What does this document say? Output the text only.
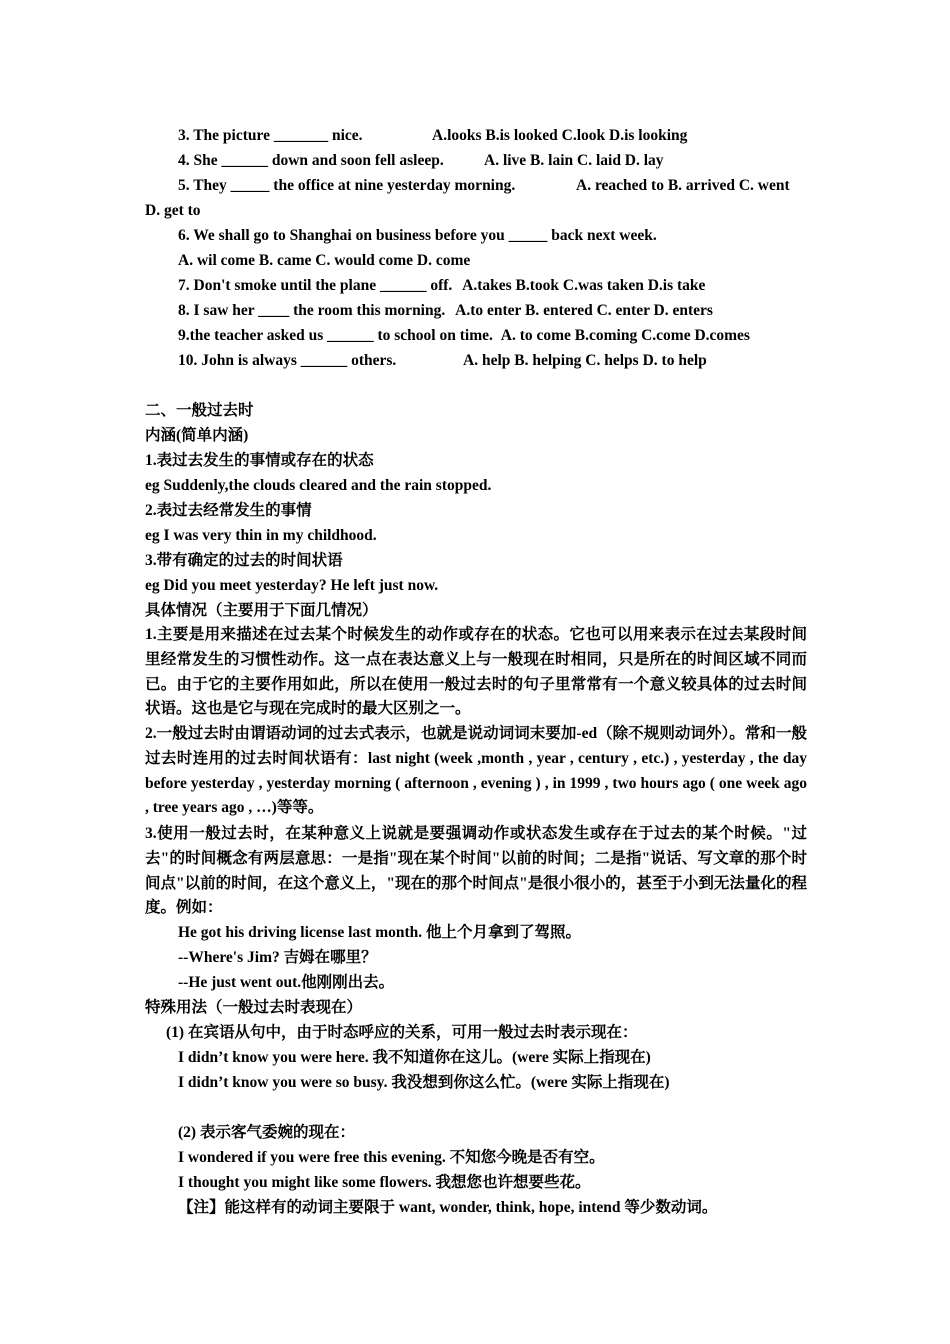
3. The picture _______ nice.	A.looks B.is looked C.look D.is looking
4. She ______ down and soon fell asleep.	A. live B. lain C. laid D. lay
5. They _____ the office at nine yesterday morning.	A. reached to B. arrived C. went
D. get to
6. We shall go to Shanghai on business before you _____ back next week.
A. wil come B. came C. would come D. come
7. Don't smoke until the plane ______ off. A.takes B.took C.was taken D.is take
8. I saw her ____ the room this morning. A.to enter B. entered C. enter D. enters
9.the teacher asked us ______ to school on time. A. to come B.coming C.come D.comes
10. John is always ______ others.	A. help B. helping C. helps D. to help
二、一般过去时
内涵(简单内涵)
1.表过去发生的事情或存在的状态
eg Suddenly,the clouds cleared and the rain stopped.
2.表过去经常发生的事情
eg I was very thin in my childhood.
3.带有确定的过去的时间状语
eg Did you meet yesterday? He left just now.
具体情况（主要用于下面几情况）
1.主要是用来描述在过去某个时候发生的动作或存在的状态。它也可以用来表示在过去某段时间里经常发生的习惯性动作。这一点在表达意义上与一般现在时相同，只是所在的时间区域不同而已。由于它的主要作用如此，所以在使用一般过去时的句子里常常有一个意义较具体的过去时间状语。这也是它与现在完成时的最大区别之一。
2.一般过去时由谓语动词的过去式表示，也就是说动词词末要加-ed（除不规则动词外）。常和一般过去时连用的过去时间状语有：last night (week ,month , year , century , etc.) , yesterday , the day before yesterday , yesterday morning ( afternoon , evening ) , in 1999 , two hours ago ( one week ago , tree years ago , …)等等。
3.使用一般过去时，在某种意义上说就是要强调动作或状态发生或存在于过去的某个时候。"过去"的时间概念有两层意思：一是指"现在某个时间"以前的时间；二是指"说话、写文章的那个时间点"以前的时间，在这个意义上，"现在的那个时间点"是很小很小的，甚至于小到无法量化的程度。例如：
He got his driving license last month. 他上个月拿到了驾照。
--Where's Jim? 吉姆在哪里？
--He just went out.他刚刚出去。
特殊用法（一般过去时表现在）
(1) 在宾语从句中，由于时态呼应的关系，可用一般过去时表示现在：
I didn’t know you were here. 我不知道你在这儿。(were 实际上指现在)
I didn’t know you were so busy. 我没想到你这么忙。(were 实际上指现在)
(2) 表示客气委婉的现在：
I wondered if you were free this evening. 不知您今晚是否有空。
I thought you might like some flowers. 我想您也许想要些花。
【注】能这样有的动词主要限于 want, wonder, think, hope, intend 等少数动词。
